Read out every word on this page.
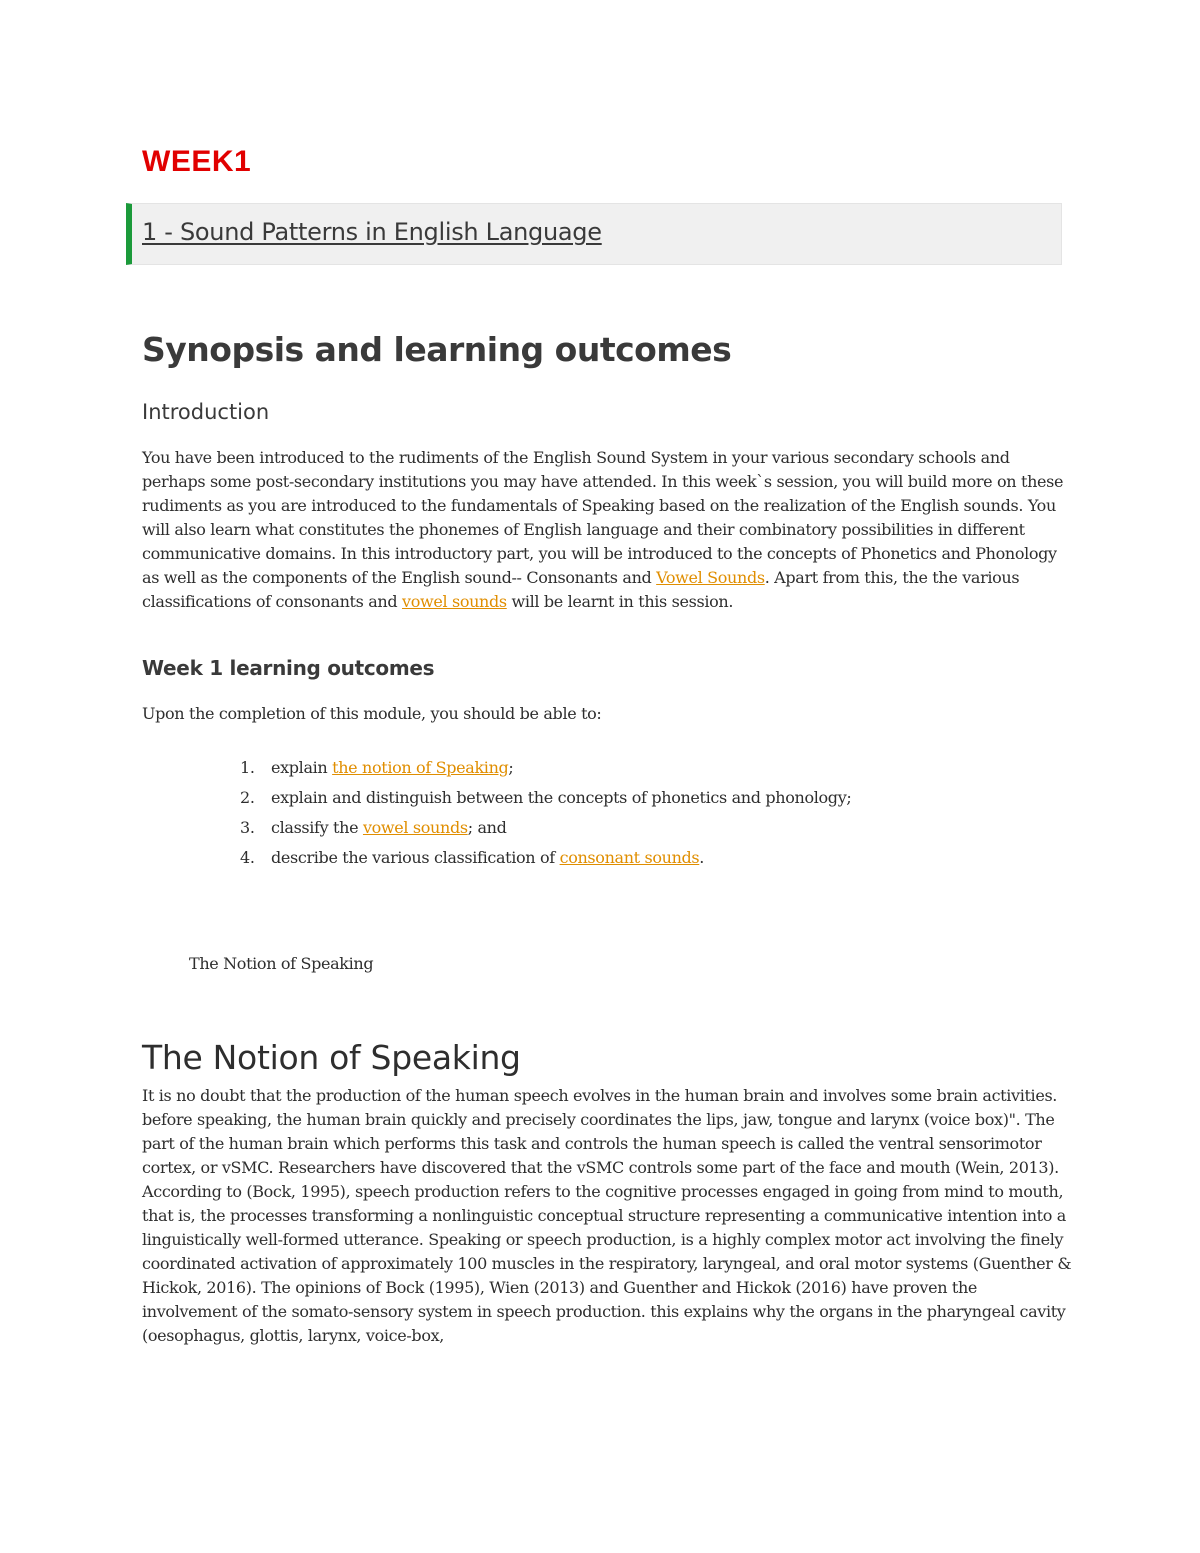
WEEK1
1 - Sound Patterns in English Language
Synopsis and learning outcomes
Introduction

You have been introduced to the rudiments of the English Sound System in your various secondary schools and perhaps some post-secondary institutions you may have attended. In this week`s session, you will build more on these rudiments as you are introduced to the fundamentals of Speaking based on the realization of the English sounds. You will also learn what constitutes the phonemes of English language and their combinatory possibilities in different communicative domains. In this introductory part, you will be introduced to the concepts of Phonetics and Phonology as well as the components of the English sound-- Consonants and Vowel Sounds. Apart from this, the the various classifications of consonants and vowel sounds will be learnt in this session.

Week 1 learning outcomes

Upon the completion of this module, you should be able to:

1. explain the notion of Speaking;
2. explain and distinguish between the concepts of phonetics and phonology;
3. classify the vowel sounds; and
4. describe the various classification of consonant sounds.

The Notion of Speaking

The Notion of Speaking

It is no doubt that the production of the human speech evolves in the human brain and involves some brain activities. before speaking, the human brain quickly and precisely coordinates the lips, jaw, tongue and larynx (voice box)". The part of the human brain which performs this task and controls the human speech is called the ventral sensorimotor cortex, or vSMC. Researchers have discovered that the vSMC controls some part of the face and mouth (Wein, 2013). According to (Bock, 1995), speech production refers to the cognitive processes engaged in going from mind to mouth, that is, the processes transforming a nonlinguistic conceptual structure representing a communicative intention into a linguistically well-formed utterance. Speaking or speech production, is a highly complex motor act involving the finely coordinated activation of approximately 100 muscles in the respiratory, laryngeal, and oral motor systems (Guenther & Hickok, 2016). The opinions of Bock (1995), Wien (2013) and Guenther and Hickok (2016) have proven the involvement of the somato-sensory system in speech production. this explains why the organs in the pharyngeal cavity (oesophagus, glottis, larynx, voice-box,
